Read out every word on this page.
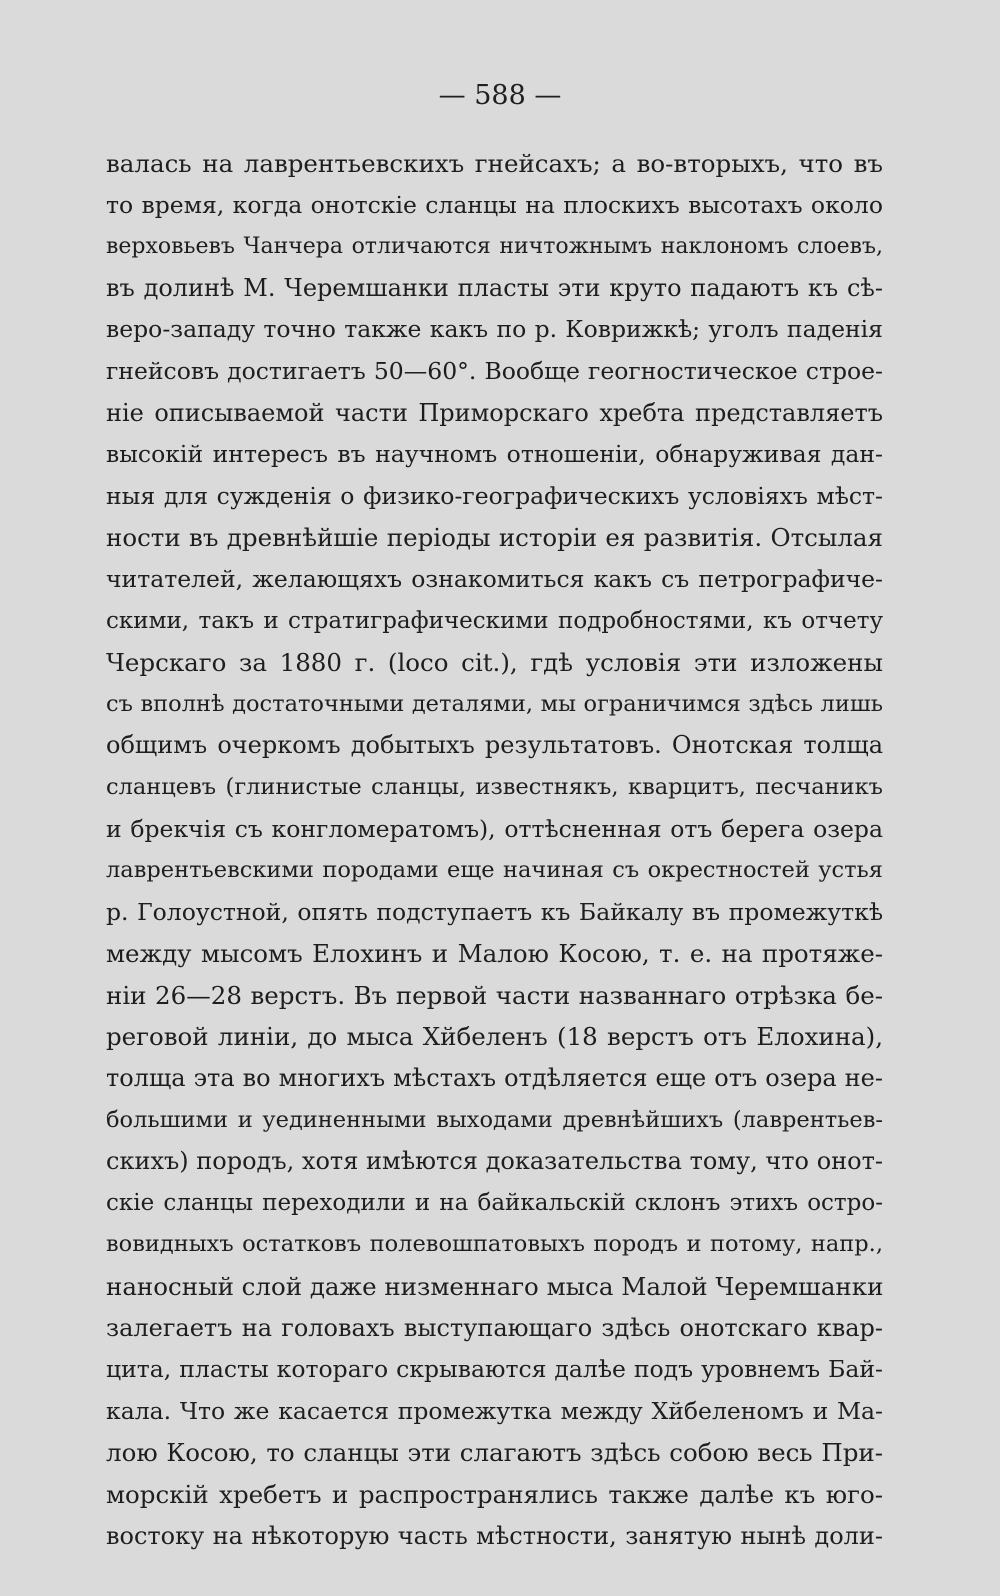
— 588 —
валась на лаврентьевскихъ гнейсахъ; а во-вторыхъ, что въ
то время, когда онотскіе сланцы на плоскихъ высотахъ около
верховьевъ Чанчера отличаются ничтожнымъ наклономъ слоевъ,
въ долинѣ М. Черемшанки пласты эти круто падаютъ къ сѣ-
веро-западу точно также какъ по р. Коврижкѣ; уголъ паденія
гнейсовъ достигаетъ 50—60°. Вообще геогностическое строе-
ніе описываемой части Приморскаго хребта представляетъ
высокій интересъ въ научномъ отношеніи, обнаруживая дан-
ныя для сужденія о физико-географическихъ условіяхъ мѣст-
ности въ древнѣйшіе періоды исторіи ея развитія. Отсылая
читателей, желающяхъ ознакомиться какъ съ петрографиче-
скими, такъ и стратиграфическими подробностями, къ отчету
Черскаго за 1880 г. (loco cit.), гдѣ условія эти изложены
съ вполнѣ достаточными деталями, мы ограничимся здѣсь лишь
общимъ очеркомъ добытыхъ результатовъ. Онотская толща
сланцевъ (глинистые сланцы, известнякъ, кварцитъ, песчаникъ
и брекчія съ конгломератомъ), оттѣсненная отъ берега озера
лаврентьевскими породами еще начиная съ окрестностей устья
р. Голоустной, опять подступаетъ къ Байкалу въ промежуткѣ
между мысомъ Елохинъ и Малою Косою, т. е. на протяже-
ніи 26—28 верстъ. Въ первой части названнаго отрѣзка бе-
реговой линіи, до мыса Хйбеленъ (18 верстъ отъ Елохина),
толща эта во многихъ мѣстахъ отдѣляется еще отъ озера не-
большими и уединенными выходами древнѣйшихъ (лаврентьев-
скихъ) породъ, хотя имѣются доказательства тому, что онот-
скіе сланцы переходили и на байкальскій склонъ этихъ остро-
вовидныхъ остатковъ полевошпатовыхъ породъ и потому, напр.,
наносный слой даже низменнаго мыса Малой Черемшанки
залегаетъ на головахъ выступающаго здѣсь онотскаго квар-
цита, пласты котораго скрываются далѣе подъ уровнемъ Бай-
кала. Что же касается промежутка между Хйбеленомъ и Ма-
лою Косою, то сланцы эти слагаютъ здѣсь собою весь При-
морскій хребетъ и распространялись также далѣе къ юго-
востоку на нѣкоторую часть мѣстности, занятую нынѣ доли-
